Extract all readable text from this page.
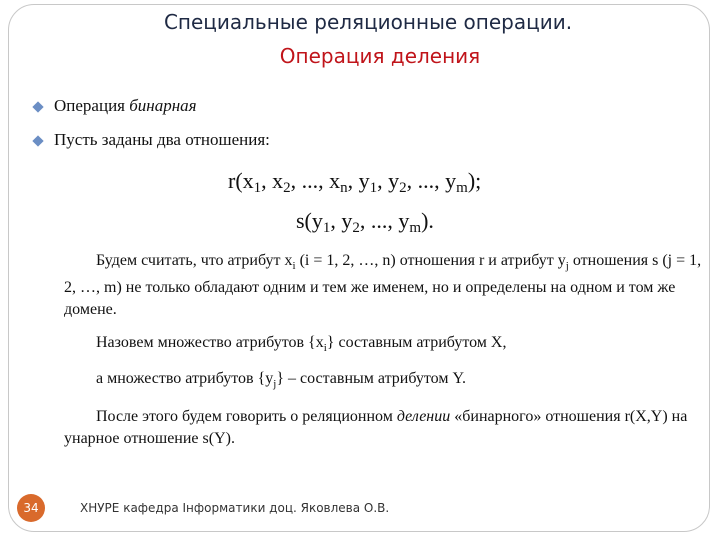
Специальные реляционные операции.
Операция деления
Операция бинарная
Пусть заданы два отношения:
$r(x_1$, $x_2$, ..., $x_n$, $y_1$, $y_2$, ..., $y_m$);
$s(y_1$, $y_2$, ..., $y_m$).
Будем считать, что атрибут $x_i$ (i = 1, 2, …, n) отношения r и атрибут $y_j$ отношения s (j = 1, 2, …, m) не только обладают одним и тем же именем, но и определены на одном и том же домене.
Назовем множество атрибутов $\{x_i\}$ составным атрибутом X,
а множество атрибутов $\{y_j\}$ – составным атрибутом Y.
После этого будем говорить о реляционном делении «бинарного» отношения r(X,Y) на унарное отношение s(Y).
34	ХНУРЕ кафедра Інформатики доц. Яковлева О.В.
